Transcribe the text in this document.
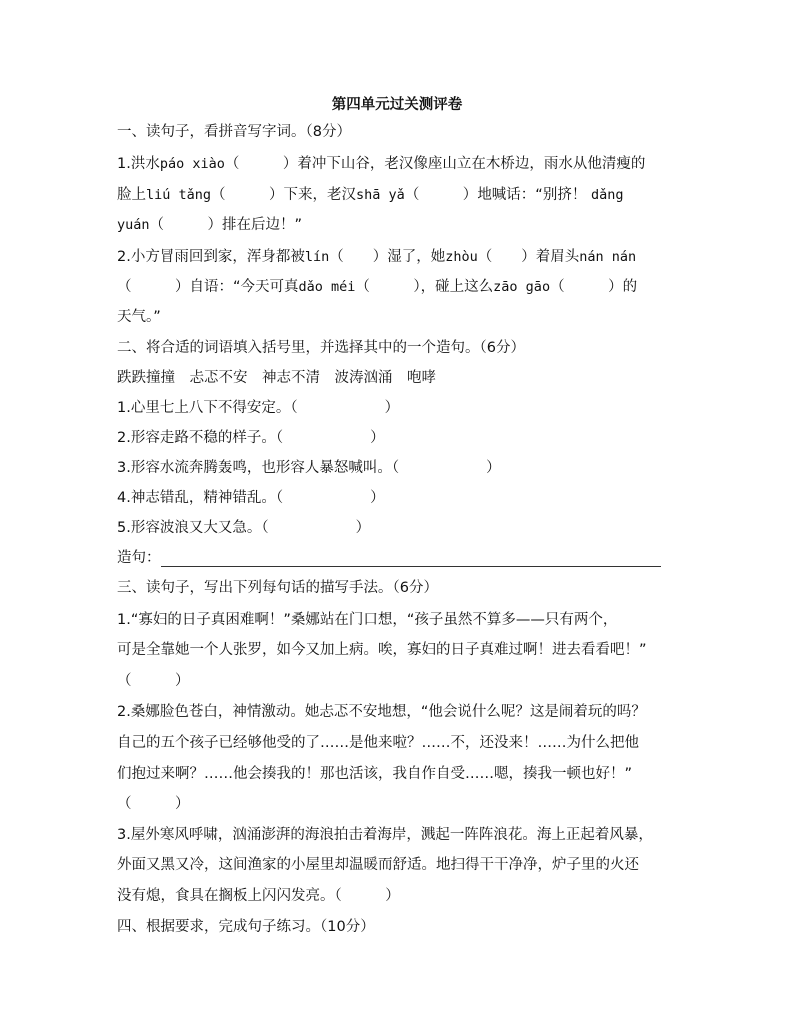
第四单元过关测评卷
一、读句子，看拼音写字词。（8分）
1.洪水páo xiào（　　　）着冲下山谷，老汉像座山立在木桥边，雨水从他清瘦的
脸上liú tǎng（　　　）下来，老汉shā yǎ（　　　）地喊话：“别挤！ dǎng
yuán（　　　）排在后边！”
2.小方冒雨回到家，浑身都被lín（　　）湿了，她zhòu（　　）着眉头nán nán
（　　　）自语：“今天可真dǎo méi（　　　），碰上这么zāo gāo（　　　）的
天气。”
二、将合适的词语填入括号里，并选择其中的一个造句。（6分）
跌跌撞撞　忐忑不安　神志不清　波涛汹涌　咆哮
1.心里七上八下不得安定。（　　　　　　）
2.形容走路不稳的样子。（　　　　　　）
3.形容水流奔腾轰鸣，也形容人暴怒喊叫。（　　　　　　）
4.神志错乱，精神错乱。（　　　　　　）
5.形容波浪又大又急。（　　　　　　）
造句：
三、读句子，写出下列每句话的描写手法。（6分）
1.“寡妇的日子真困难啊！”桑娜站在门口想，“孩子虽然不算多——只有两个，
可是全靠她一个人张罗，如今又加上病。唉，寡妇的日子真难过啊！进去看看吧！”
（　　　）
2.桑娜脸色苍白，神情激动。她忐忑不安地想，“他会说什么呢？这是闹着玩的吗？
自己的五个孩子已经够他受的了……是他来啦？……不，还没来！……为什么把他
们抱过来啊？……他会揍我的！那也活该，我自作自受……嗯，揍我一顿也好！”
（　　　）
3.屋外寒风呼啸，汹涌澎湃的海浪拍击着海岸，溅起一阵阵浪花。海上正起着风暴，
外面又黑又冷，这间渔家的小屋里却温暖而舒适。地扫得干干净净，炉子里的火还
没有熄，食具在搁板上闪闪发亮。（　　　）
四、根据要求，完成句子练习。（10分）
